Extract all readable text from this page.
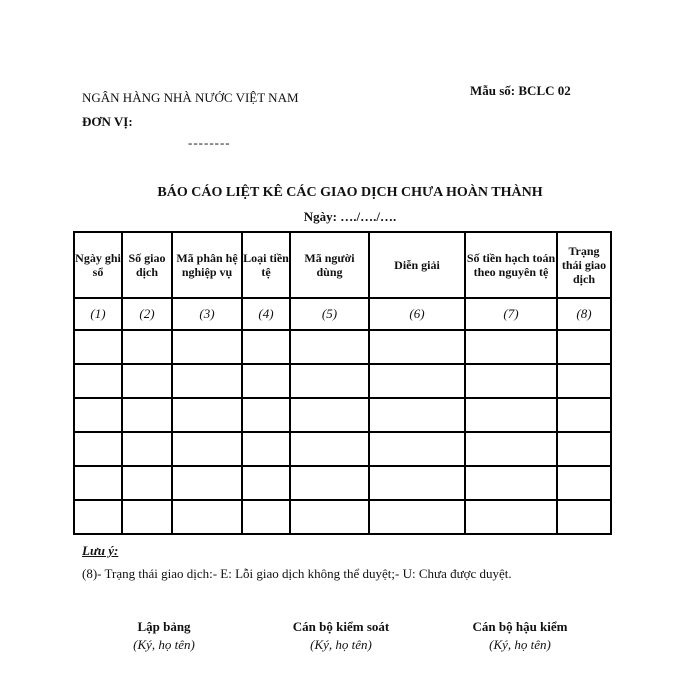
NGÂN HÀNG NHÀ NƯỚC VIỆT NAM
ĐƠN VỊ:
--------
Mẫu số: BCLC 02
BÁO CÁO LIỆT KÊ CÁC GIAO DỊCH CHƯA HOÀN THÀNH
Ngày: …./…./….
Ngày ghi sổ	Số giao dịch	Mã phân hệ nghiệp vụ	Loại tiền tệ	Mã người dùng	Diễn giải	Số tiền hạch toán theo nguyên tệ	Trạng thái giao dịch
(1)	(2)	(3)	(4)	(5)	(6)	(7)	(8)

Lưu ý:
(8)- Trạng thái giao dịch:- E: Lỗi giao dịch không thể duyệt;- U: Chưa được duyệt.
Lập bảng
(Ký, họ tên)
Cán bộ kiểm soát
(Ký, họ tên)
Cán bộ hậu kiểm
(Ký, họ tên)
